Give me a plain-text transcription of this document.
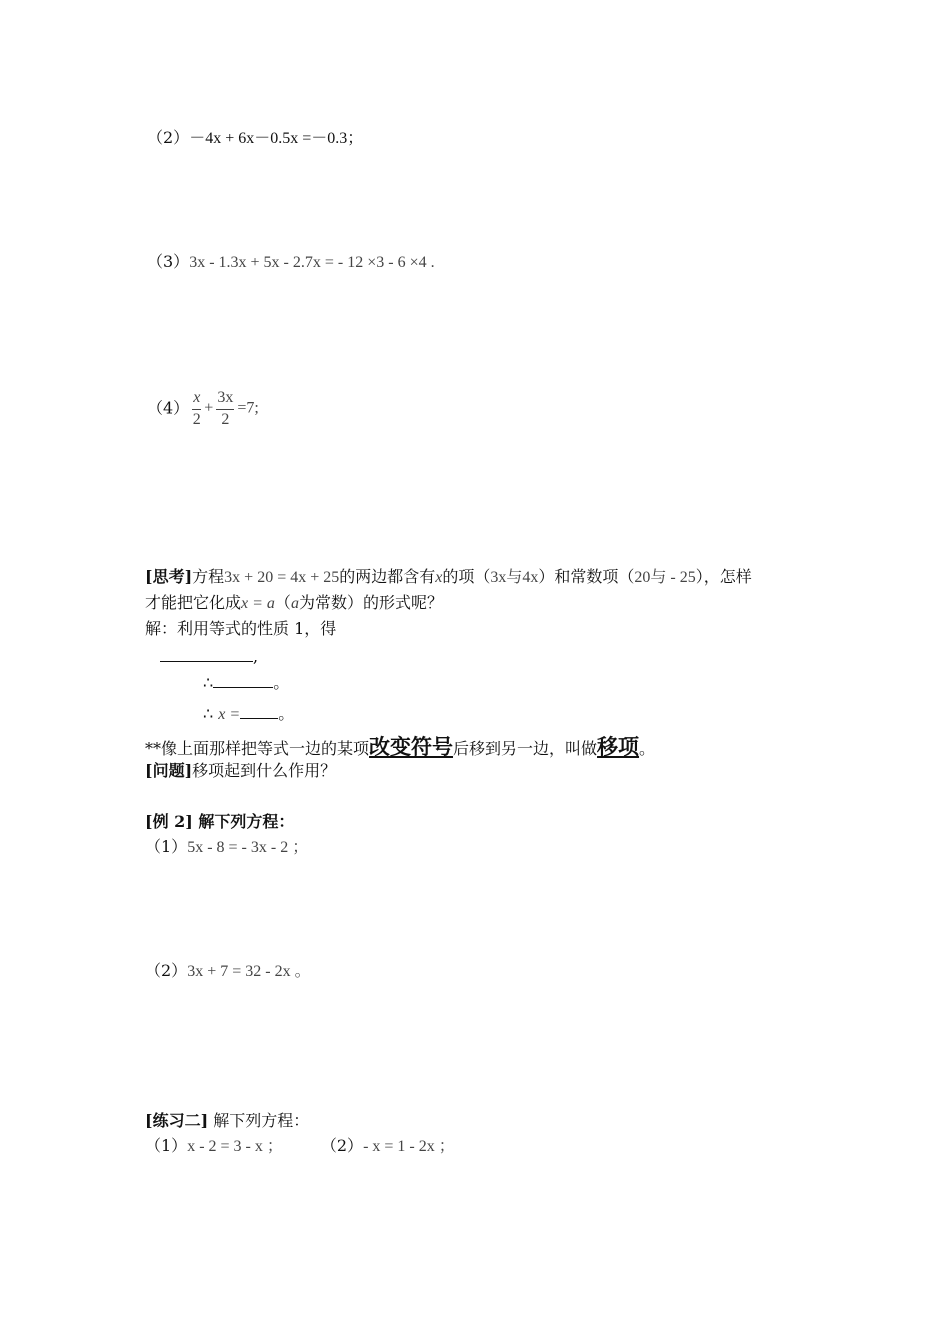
（2）－4x + 6x－0.5x =－0.3；
（3）3x - 1.3x + 5x - 2.7x = - 12 ×3 - 6 ×4 .
$(4) \frac{x}{2} + \frac{3x}{2} =7$;
[思考]方程3x + 20 = 4x + 25的两边都含有x的项（3x与4x）和常数项（20与 - 25），怎样
才能把它化成x = a（a为常数）的形式呢？
解：利用等式的性质 1，得
,
∴	。
∴ x = 。
**像上面那样把等式一边的某项改变符号后移到另一边，叫做移项。
[问题]移项起到什么作用？
[例 2] 解下列方程：
（1）5x - 8 = - 3x - 2 ；
（2）3x + 7 = 32 - 2x 。
[练习二] 解下列方程：
（1）x - 2 = 3 - x ； （2）- x = 1 - 2x ；
